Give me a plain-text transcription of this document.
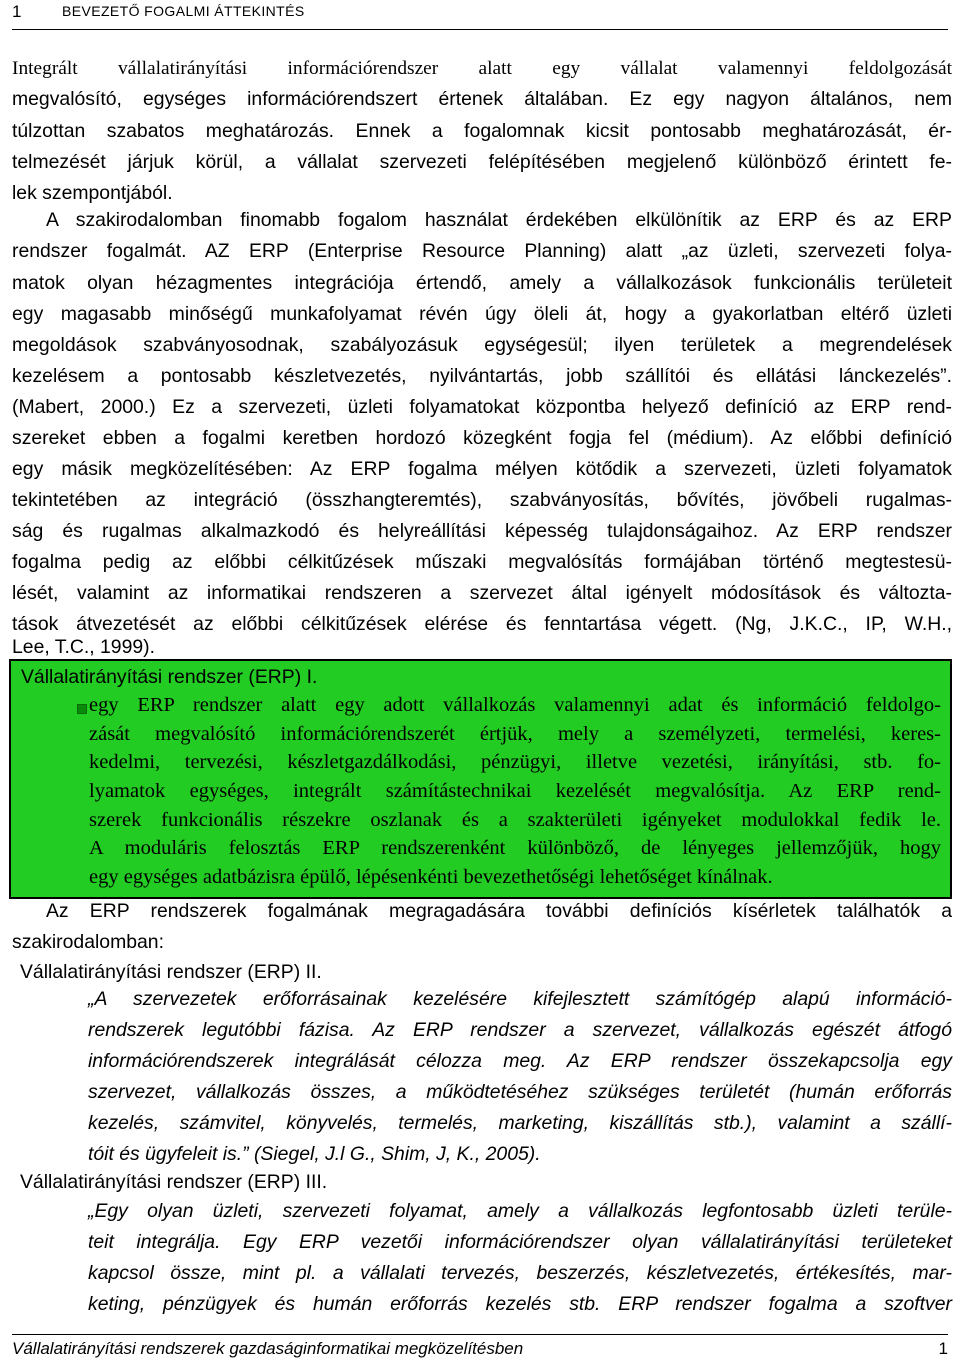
1	BEVEZETŐ FOGALMI ÁTTEKINTÉS
Integrált vállalatirányítási információrendszer alatt egy vállalat valamennyi feldolgozását
megvalósító, egységes információrendszert értenek általában. Ez egy nagyon általános, nem
túlzottan szabatos meghatározás. Ennek a fogalomnak kicsit pontosabb meghatározását, ér-
telmezését járjuk körül, a vállalat szervezeti felépítésében megjelenő különböző érintett fe-
lek szempontjából.
A szakirodalomban finomabb fogalom használat érdekében elkülönítik az ERP és az ERP
rendszer fogalmát. AZ ERP (Enterprise Resource Planning) alatt „az üzleti, szervezeti folya-
matok olyan hézagmentes integrációja értendő, amely a vállalkozások funkcionális területeit
egy magasabb minőségű munkafolyamat révén úgy öleli át, hogy a gyakorlatban eltérő üzleti
megoldások szabványosodnak, szabályozásuk egységesül; ilyen területek a megrendelések
kezelésem a pontosabb készletvezetés, nyilvántartás, jobb szállítói és ellátási lánckezelés”.
(Mabert, 2000.) Ez a szervezeti, üzleti folyamatokat központba helyező definíció az ERP rend-
szereket ebben a fogalmi keretben hordozó közegként fogja fel (médium). Az előbbi definíció
egy másik megközelítésében: Az ERP fogalma mélyen kötődik a szervezeti, üzleti folyamatok
tekintetében az integráció (összhangteremtés), szabványosítás, bővítés, jövőbeli rugalmas-
ság és rugalmas alkalmazkodó és helyreállítási képesség tulajdonságaihoz. Az ERP rendszer
fogalma pedig az előbbi célkitűzések műszaki megvalósítás formájában történő megtestesü-
lését, valamint az informatikai rendszeren a szervezet által igényelt módosítások és változta-
tások átvezetését az előbbi célkitűzések elérése és fenntartása végett. (Ng, J.K.C., IP, W.H.,
Lee, T.C., 1999).
Vállalatirányítási rendszer (ERP) I.
egy ERP rendszer alatt egy adott vállalkozás valamennyi adat és információ feldolgo-
zását megvalósító információrendszerét értjük, mely a személyzeti, termelési, keres-
kedelmi, tervezési, készletgazdálkodási, pénzügyi, illetve vezetési, irányítási, stb. fo-
lyamatok egységes, integrált számítástechnikai kezelését megvalósítja. Az ERP rend-
szerek funkcionális részekre oszlanak és a szakterületi igényeket modulokkal fedik le.
A moduláris felosztás ERP rendszerenként különböző, de lényeges jellemzőjük, hogy
egy egységes adatbázisra épülő, lépésenkénti bevezethetőségi lehetőséget kínálnak.
Az ERP rendszerek fogalmának megragadására további definíciós kísérletek találhatók a
szakirodalomban:
Vállalatirányítási rendszer (ERP) II.
„A szervezetek erőforrásainak kezelésére kifejlesztett számítógép alapú információ-
rendszerek legutóbbi fázisa. Az ERP rendszer a szervezet, vállalkozás egészét átfogó
információrendszerek integrálását célozza meg. Az ERP rendszer összekapcsolja egy
szervezet, vállalkozás összes, a működtetéséhez szükséges területét (humán erőforrás
kezelés, számvitel, könyvelés, termelés, marketing, kiszállítás stb.), valamint a szállí-
tóit és ügyfeleit is.” (Siegel, J.l G., Shim, J, K., 2005).
Vállalatirányítási rendszer (ERP) III.
„Egy olyan üzleti, szervezeti folyamat, amely a vállalkozás legfontosabb üzleti terüle-
teit integrálja. Egy ERP vezetői információrendszer olyan vállalatirányítási területeket
kapcsol össze, mint pl. a vállalati tervezés, beszerzés, készletvezetés, értékesítés, mar-
keting, pénzügyek és humán erőforrás kezelés stb. ERP rendszer fogalma a szoftver
Vállalatirányítási rendszerek gazdaságinformatikai megközelítésben	1
